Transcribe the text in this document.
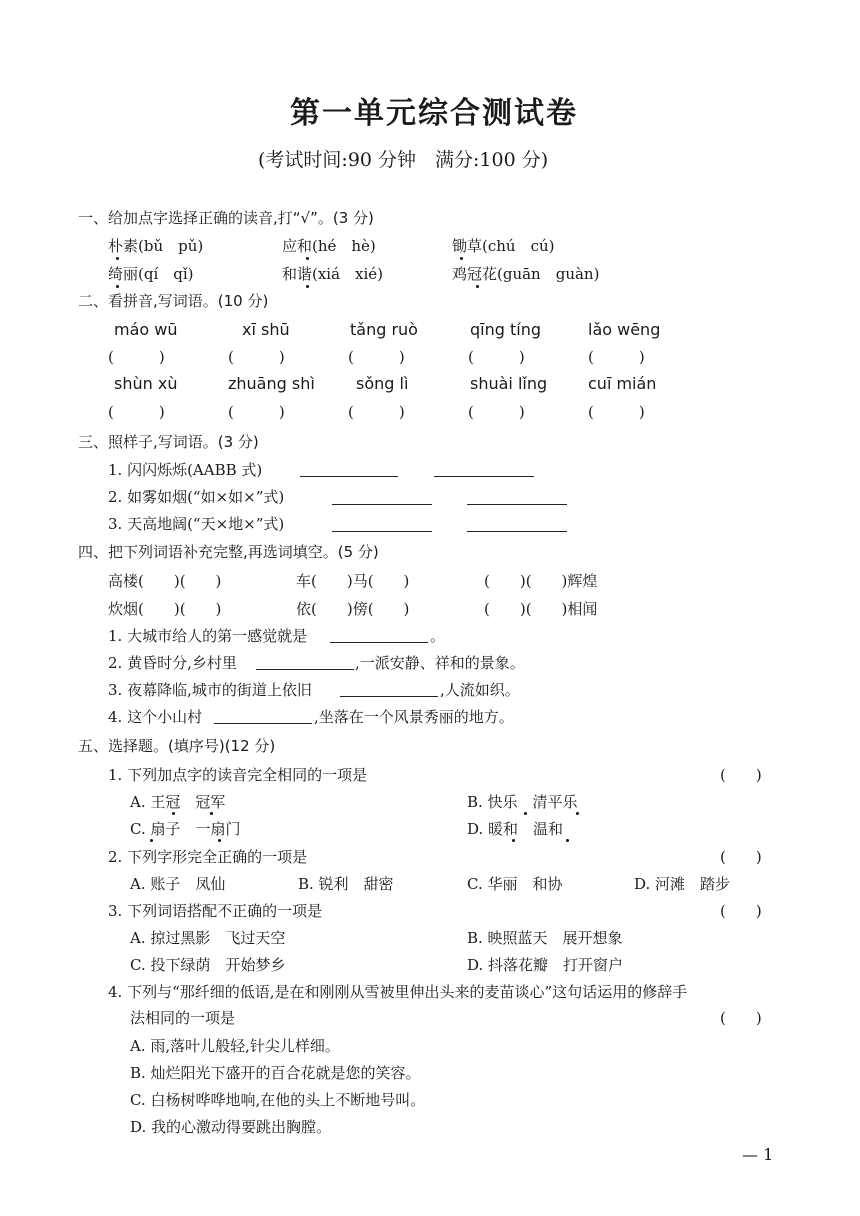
第一单元综合测试卷
(考试时间:90 分钟　满分:100 分)
一、给加点字选择正确的读音,打“√”。(3 分)
朴素(bǔ　pǔ)	应和(hé　hè)	锄草(chú　cú)
绮丽(qí　qǐ)	和谐(xiá　xié)	鸡冠花(guān　guàn)
二、看拼音,写词语。(10 分)
máo wū	xī shū	tǎng ruò	qīng tíng	lǎo wēng
(　　　)	(　　　)	(　　　)	(　　　)	(　　　)
shùn xù	zhuāng shì	sǒng lì	shuài lǐng	cuī mián
(　　　)	(　　　)	(　　　)	(　　　)	(　　　)
三、照样子,写词语。(3 分)
1. 闪闪烁烁(AABB 式)
2. 如雾如烟(“如×如×”式)
3. 天高地阔(“天×地×”式)
四、把下列词语补充完整,再选词填空。(5 分)
高楼(　　)(　　)	车(　　)马(　　)	(　　)(　　)辉煌
炊烟(　　)(　　)	依(　　)傍(　　)	(　　)(　　)相闻
1. 大城市给人的第一感觉就是	。
2. 黄昏时分,乡村里	,一派安静、祥和的景象。
3. 夜幕降临,城市的街道上依旧	,人流如织。
4. 这个小山村	,坐落在一个风景秀丽的地方。
五、选择题。(填序号)(12 分)
1. 下列加点字的读音完全相同的一项是	(　　)
A. 王冠　冠军	B. 快乐　清平乐
C. 扇子　一扇门	D. 暖和　温和
2. 下列字形完全正确的一项是	(　　)
A. 账子　凤仙	B. 锐利　甜密	C. 华丽　和协	D. 河滩　踏步
3. 下列词语搭配不正确的一项是	(　　)
A. 掠过黑影　飞过天空	B. 映照蓝天　展开想象
C. 投下绿荫　开始梦乡	D. 抖落花瓣　打开窗户
4. 下列与“那纤细的低语,是在和刚刚从雪被里伸出头来的麦苗谈心”这句话运用的修辞手
法相同的一项是	(　　)
A. 雨,落叶儿般轻,针尖儿样细。
B. 灿烂阳光下盛开的百合花就是您的笑容。
C. 白杨树哗哗地响,在他的头上不断地号叫。
D. 我的心激动得要跳出胸膛。
— 1
